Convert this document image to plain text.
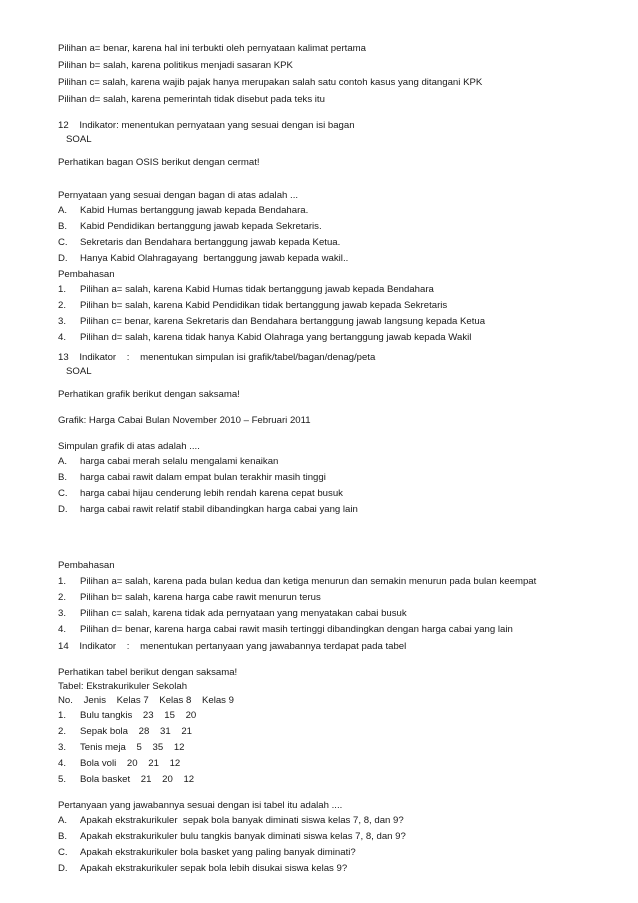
Pilihan a= benar, karena hal ini terbukti oleh pernyataan kalimat pertama
Pilihan b= salah, karena politikus menjadi sasaran KPK
Pilihan c= salah, karena wajib pajak hanya merupakan salah satu contoh kasus yang ditangani KPK
Pilihan d= salah, karena pemerintah tidak disebut pada teks itu
12    Indikator: menentukan pernyataan yang sesuai dengan isi bagan
SOAL
Perhatikan bagan OSIS berikut dengan cermat!
Pernyataan yang sesuai dengan bagan di atas adalah ...
A. Kabid Humas bertanggung jawab kepada Bendahara.
B. Kabid Pendidikan bertanggung jawab kepada Sekretaris.
C. Sekretaris dan Bendahara bertanggung jawab kepada Ketua.
D. Hanya Kabid Olahragayang  bertanggung jawab kepada wakil..
Pembahasan
1. Pilihan a= salah, karena Kabid Humas tidak bertanggung jawab kepada Bendahara
2. Pilihan b= salah, karena Kabid Pendidikan tidak bertanggung jawab kepada Sekretaris
3. Pilihan c= benar, karena Sekretaris dan Bendahara bertanggung jawab langsung kepada Ketua
4. Pilihan d= salah, karena tidak hanya Kabid Olahraga yang bertanggung jawab kepada Wakil
13    Indikator    :    menentukan simpulan isi grafik/tabel/bagan/denag/peta
SOAL
Perhatikan grafik berikut dengan saksama!
Grafik: Harga Cabai Bulan November 2010 – Februari 2011
Simpulan grafik di atas adalah ....
A. harga cabai merah selalu mengalami kenaikan
B. harga cabai rawit dalam empat bulan terakhir masih tinggi
C. harga cabai hijau cenderung lebih rendah karena cepat busuk
D. harga cabai rawit relatif stabil dibandingkan harga cabai yang lain
Pembahasan
1. Pilihan a= salah, karena pada bulan kedua dan ketiga menurun dan semakin menurun pada bulan keempat
2. Pilihan b= salah, karena harga cabe rawit menurun terus
3. Pilihan c= salah, karena tidak ada pernyataan yang menyatakan cabai busuk
4. Pilihan d= benar, karena harga cabai rawit masih tertinggi dibandingkan dengan harga cabai yang lain
14    Indikator    :    menentukan pertanyaan yang jawabannya terdapat pada tabel
Perhatikan tabel berikut dengan saksama!
Tabel: Ekstrakurikuler Sekolah
No.    Jenis    Kelas 7    Kelas 8    Kelas 9
1. Bulu tangkis    23    15    20
2. Sepak bola    28    31    21
3. Tenis meja    5    35    12
4. Bola voli    20    21    12
5. Bola basket    21    20    12
Pertanyaan yang jawabannya sesuai dengan isi tabel itu adalah ....
A. Apakah ekstrakurikuler  sepak bola banyak diminati siswa kelas 7, 8, dan 9?
B. Apakah ekstrakurikuler bulu tangkis banyak diminati siswa kelas 7, 8, dan 9?
C. Apakah ekstrakurikuler bola basket yang paling banyak diminati?
D. Apakah ekstrakurikuler sepak bola lebih disukai siswa kelas 9?
